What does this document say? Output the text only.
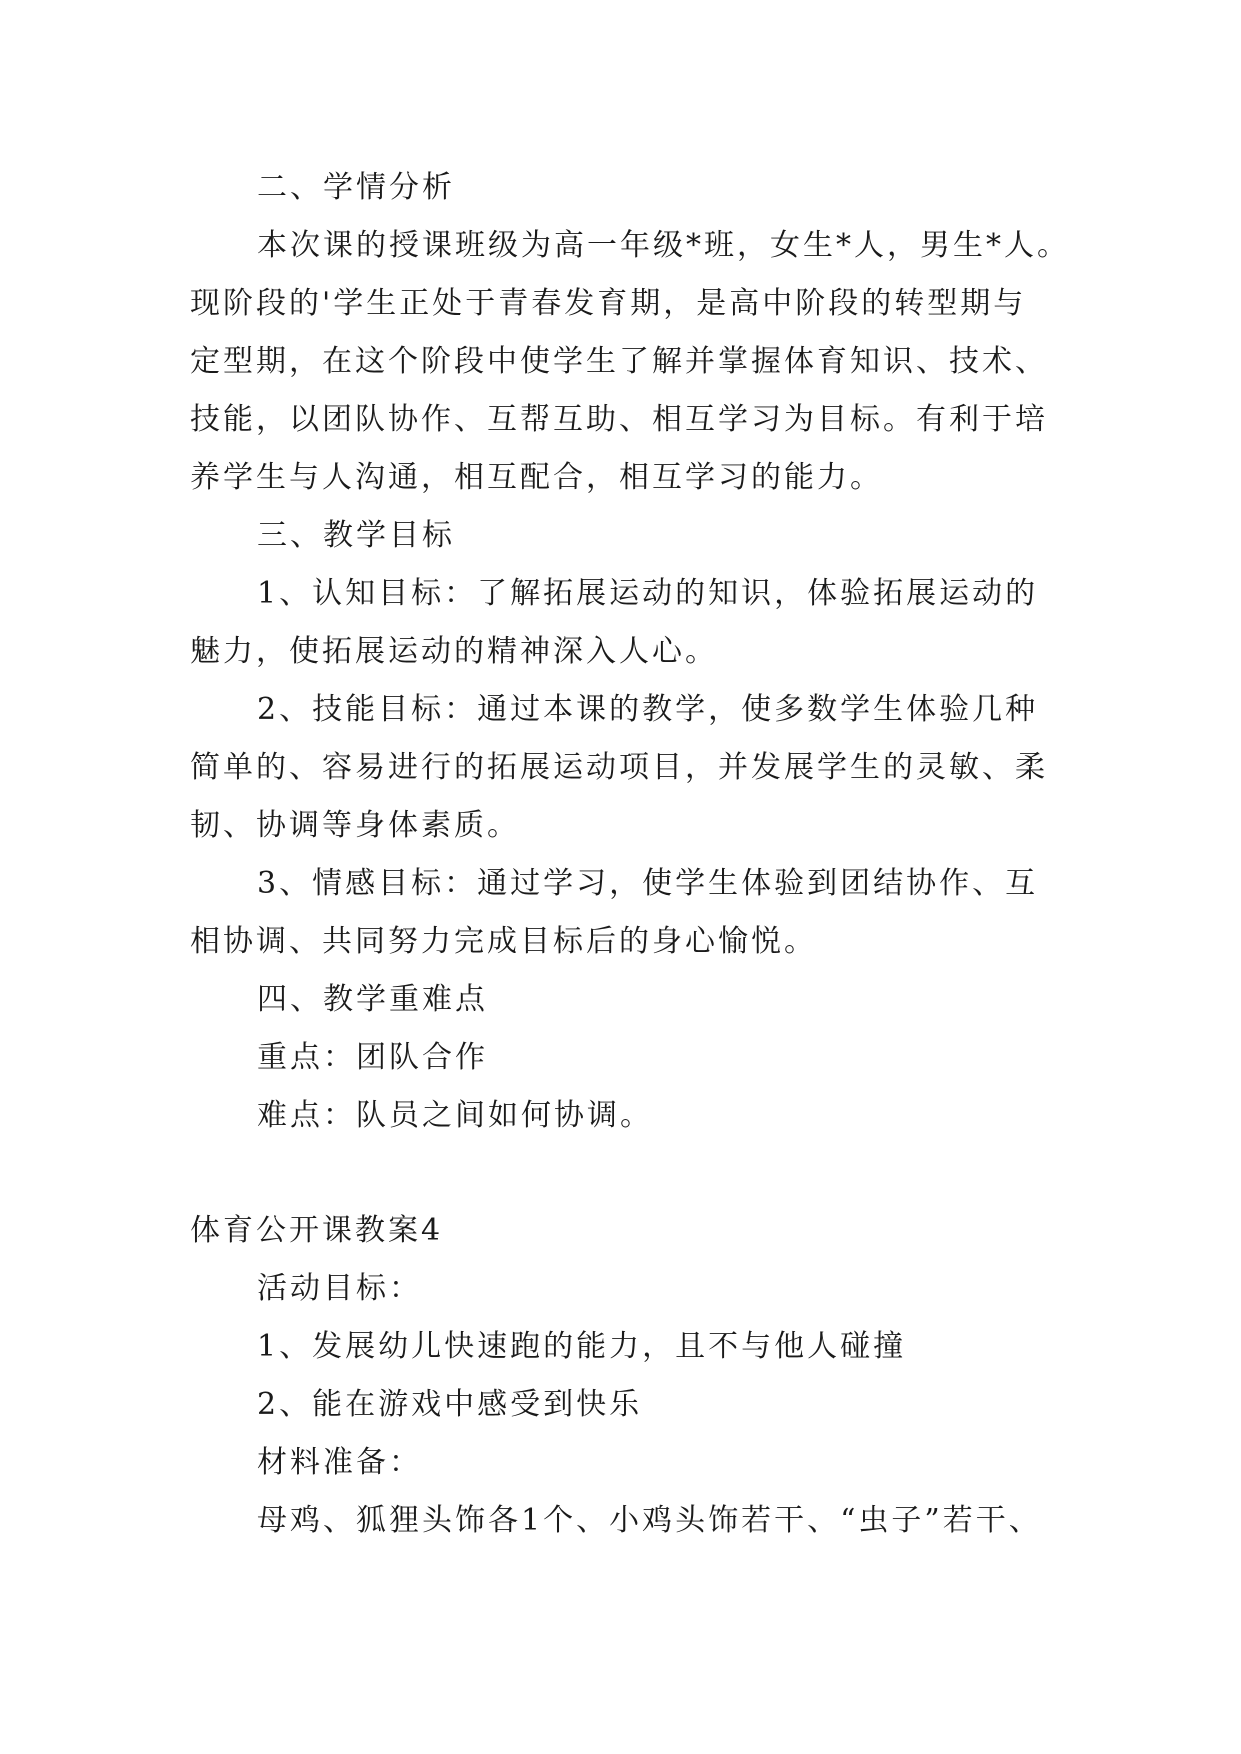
二、学情分析
本次课的授课班级为高一年级*班，女生*人，男生*人。
现阶段的'学生正处于青春发育期，是高中阶段的转型期与
定型期，在这个阶段中使学生了解并掌握体育知识、技术、
技能，以团队协作、互帮互助、相互学习为目标。有利于培
养学生与人沟通，相互配合，相互学习的能力。
三、教学目标
1、认知目标：了解拓展运动的知识，体验拓展运动的
魅力，使拓展运动的精神深入人心。
2、技能目标：通过本课的教学，使多数学生体验几种
简单的、容易进行的拓展运动项目，并发展学生的灵敏、柔
韧、协调等身体素质。
3、情感目标：通过学习，使学生体验到团结协作、互
相协调、共同努力完成目标后的身心愉悦。
四、教学重难点
重点：团队合作
难点：队员之间如何协调。
体育公开课教案4
活动目标：
1、发展幼儿快速跑的能力，且不与他人碰撞
2、能在游戏中感受到快乐
材料准备：
母鸡、狐狸头饰各1个、小鸡头饰若干、“虫子”若干、
